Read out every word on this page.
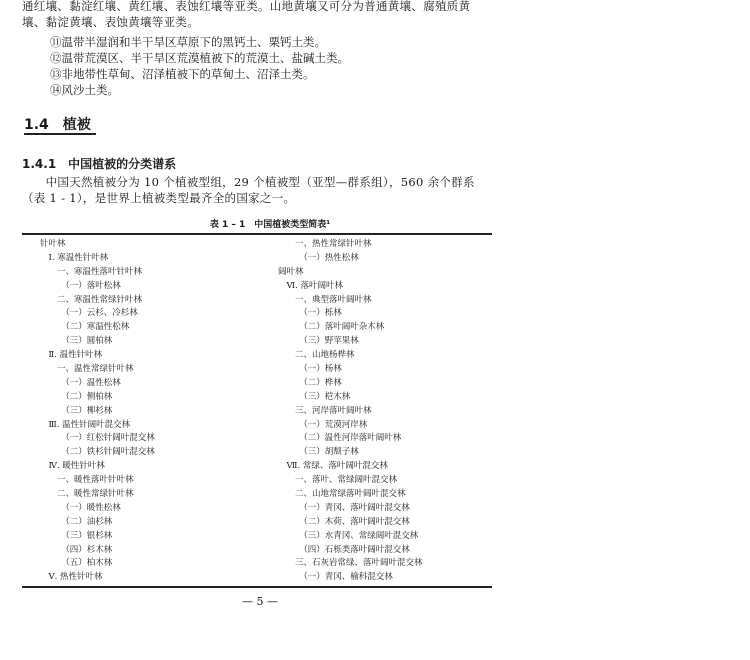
通红壤、黏淀红壤、黄红壤、表蚀红壤等亚类。山地黄壤又可分为普通黄壤、腐殖质黄壤、黏淀黄壤、表蚀黄壤等亚类。

⑪温带半湿润和半干旱区草原下的黑钙土、栗钙土类。

⑫温带荒漠区、半干旱区荒漠植被下的荒漠土、盐碱土类。

⑬非地带性草甸、沼泽植被下的草甸土、沼泽土类。

⑭风沙土类。

1.4　植被
1.4.1　中国植被的分类谱系

　　中国天然植被分为 10 个植被型组，29 个植被型（亚型—群系组），560 余个群系（表 1 - 1），是世界上植被类型最齐全的国家之一。

表 1 – 1　中国植被类型简表¹
针叶林
　Ⅰ. 寒温性针叶林
　　一、寒温性落叶针叶林
　　　（一）落叶松林
　　二、寒温性常绿针叶林
　　　（一）云杉、冷杉林
　　　（二）寒温性松林
　　　（三）圆柏林
　Ⅱ. 温性针叶林
　　一、温性常绿针叶林
　　　（一）温性松林
　　　（二）侧柏林
　　　（三）柳杉林
　Ⅲ. 温性针阔叶混交林
　　　（一）红松针阔叶混交林
　　　（二）铁杉针阔叶混交林
　Ⅳ. 暖性针叶林
　　一、暖性落叶针叶林
　　二、暖性常绿针叶林
　　　（一）暖性松林
　　　（二）油杉林
　　　（三）银杉林
　　　（四）杉木林
　　　（五）柏木林
　Ⅴ. 热性针叶林
　　一、热性常绿针叶林
　　　（一）热性松林
阔叶林
　Ⅵ. 落叶阔叶林
　　一、典型落叶阔叶林
　　　（一）栎林
　　　（二）落叶阔叶杂木林
　　　（三）野苹果林
　　二、山地杨桦林
　　　（一）杨林
　　　（二）桦林
　　　（三）桤木林
　　三、河岸落叶阔叶林
　　　（一）荒漠河岸林
　　　（二）温性河岸落叶阔叶林
　　　（三）胡颓子林
　Ⅶ. 常绿、落叶阔叶混交林
　　一、落叶、常绿阔叶混交林
　　二、山地常绿落叶阔叶混交林
　　　（一）青冈、落叶阔叶混交林
　　　（二）木荷、落叶阔叶混交林
　　　（三）水青冈、常绿阔叶混交林
　　　（四）石栎类落叶阔叶混交林
　　三、石灰岩常绿、落叶阔叶混交林
　　　（一）青冈、榆科混交林
— 5 —
